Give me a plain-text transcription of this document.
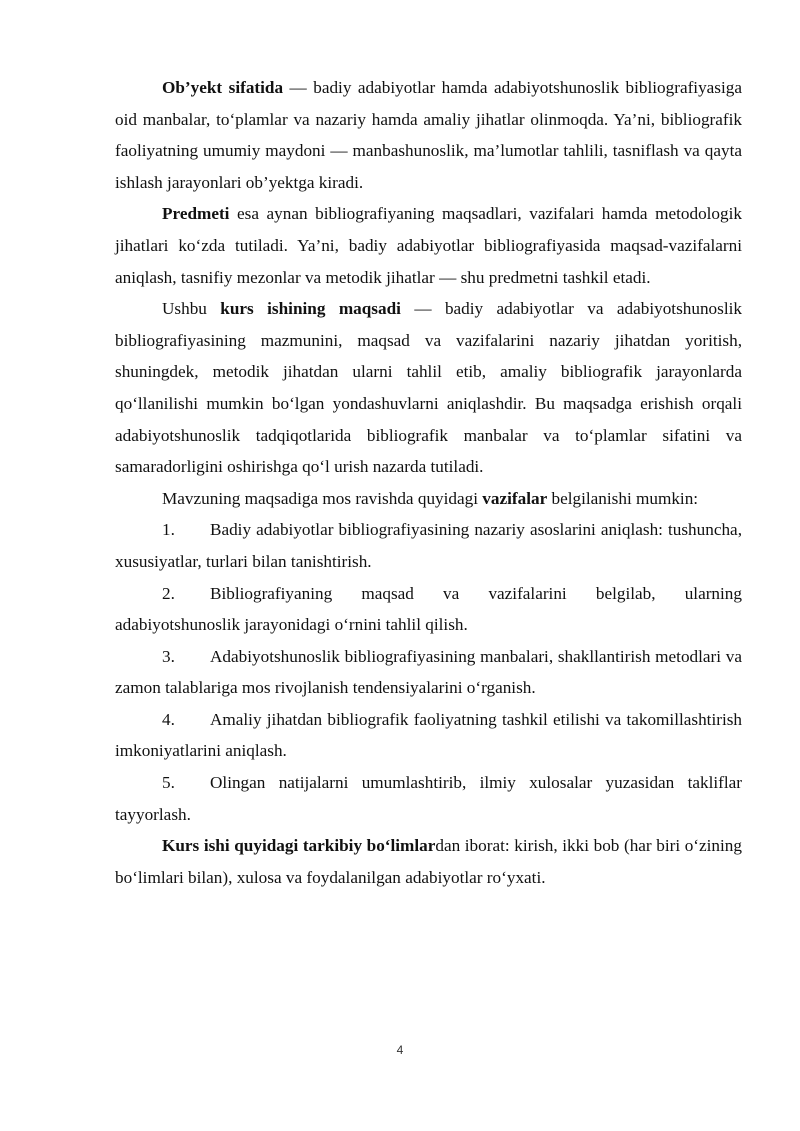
Ob’yekt sifatida — badiy adabiyotlar hamda adabiyotshunoslik bibliografiyasiga oid manbalar, to‘plamlar va nazariy hamda amaliy jihatlar olinmoqda. Ya’ni, bibliografik faoliyatning umumiy maydoni — manbashunoslik, ma’lumotlar tahlili, tasniflash va qayta ishlash jarayonlari ob’yektga kiradi.

Predmeti esa aynan bibliografiyaning maqsadlari, vazifalari hamda metodologik jihatlari ko‘zda tutiladi. Ya’ni, badiy adabiyotlar bibliografiyasida maqsad-vazifalarni aniqlash, tasnifiy mezonlar va metodik jihatlar — shu predmetni tashkil etadi.

Ushbu kurs ishining maqsadi — badiy adabiyotlar va adabiyotshunoslik bibliografiyasining mazmunini, maqsad va vazifalarini nazariy jihatdan yoritish, shuningdek, metodik jihatdan ularni tahlil etib, amaliy bibliografik jarayonlarda qo‘llanilishi mumkin bo‘lgan yondashuvlarni aniqlashdir. Bu maqsadga erishish orqali adabiyotshunoslik tadqiqotlarida bibliografik manbalar va to‘plamlar sifatini va samaradorligini oshirishga qo‘l urish nazarda tutiladi.

Mavzuning maqsadiga mos ravishda quyidagi vazifalar belgilanishi mumkin:

1. Badiy adabiyotlar bibliografiyasining nazariy asoslarini aniqlash: tushuncha, xususiyatlar, turlari bilan tanishtirish.

2. Bibliografiyaning maqsad va vazifalarini belgilab, ularning adabiyotshunoslik jarayonidagi o‘rnini tahlil qilish.

3. Adabiyotshunoslik bibliografiyasining manbalari, shakllantirish metodlari va zamon talablariga mos rivojlanish tendensiyalarini o‘rganish.

4. Amaliy jihatdan bibliografik faoliyatning tashkil etilishi va takomillashtirish imkoniyatlarini aniqlash.

5. Olingan natijalarni umumlashtirib, ilmiy xulosalar yuzasidan takliflar tayyorlash.

Kurs ishi quyidagi tarkibiy bo‘limlardan iborat: kirish, ikki bob (har biri o‘zining bo‘limlari bilan), xulosa va foydalanilgan adabiyotlar ro‘yxati.

4
